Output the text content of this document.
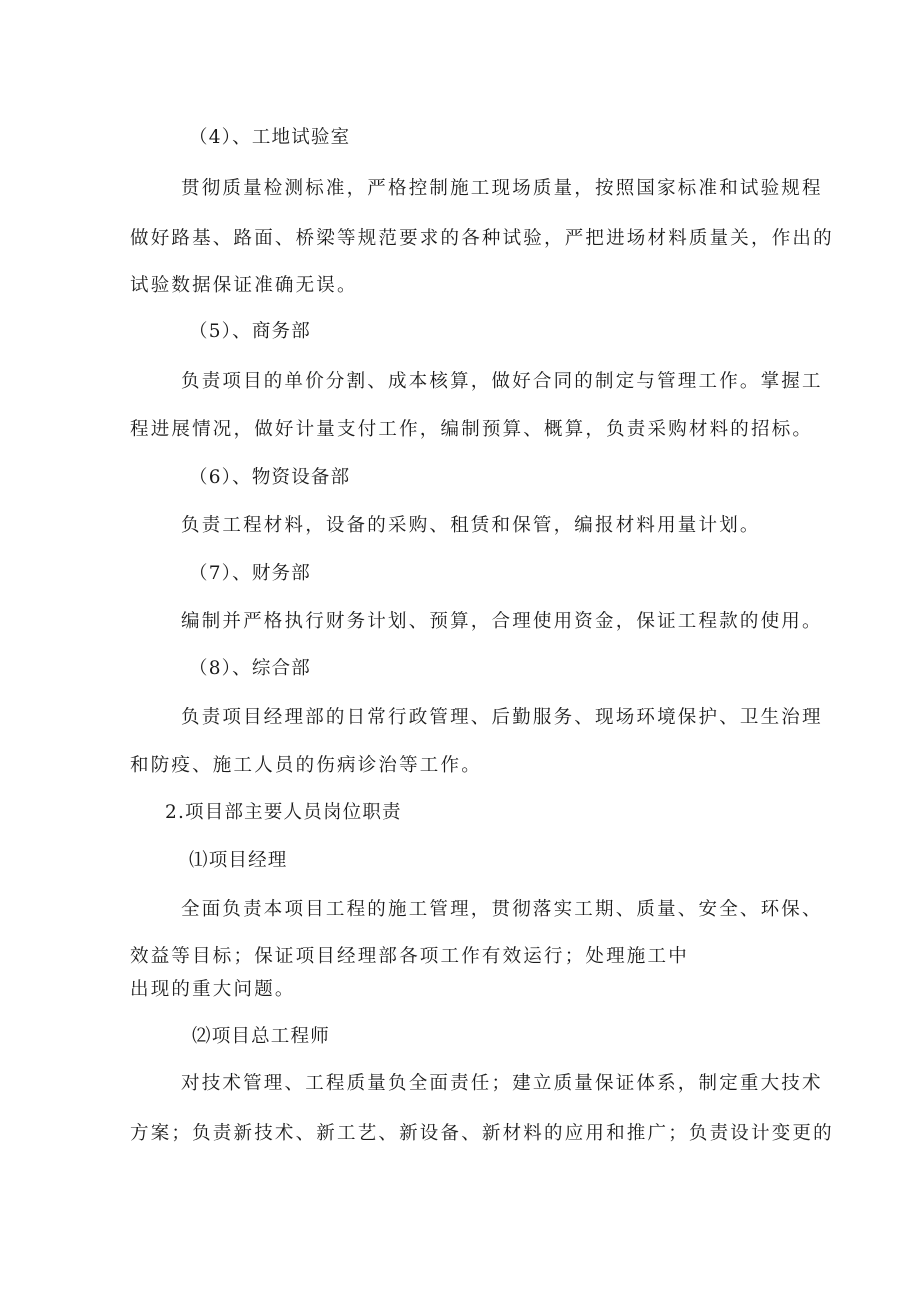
（4）、工地试验室
贯彻质量检测标准，严格控制施工现场质量，按照国家标准和试验规程
做好路基、路面、桥梁等规范要求的各种试验，严把进场材料质量关，作出的
试验数据保证准确无误。
（5）、商务部
负责项目的单价分割、成本核算，做好合同的制定与管理工作。掌握工
程进展情况，做好计量支付工作，编制预算、概算，负责采购材料的招标。
（6）、物资设备部
负责工程材料，设备的采购、租赁和保管，编报材料用量计划。
（7）、财务部
编制并严格执行财务计划、预算，合理使用资金，保证工程款的使用。
（8）、综合部
负责项目经理部的日常行政管理、后勤服务、现场环境保护、卫生治理
和防疫、施工人员的伤病诊治等工作。
2.项目部主要人员岗位职责
⑴项目经理
全面负责本项目工程的施工管理，贯彻落实工期、质量、安全、环保、
效益等目标；保证项目经理部各项工作有效运行；处理施工中
出现的重大问题。
⑵项目总工程师
对技术管理、工程质量负全面责任；建立质量保证体系，制定重大技术
方案；负责新技术、新工艺、新设备、新材料的应用和推广；负责设计变更的
